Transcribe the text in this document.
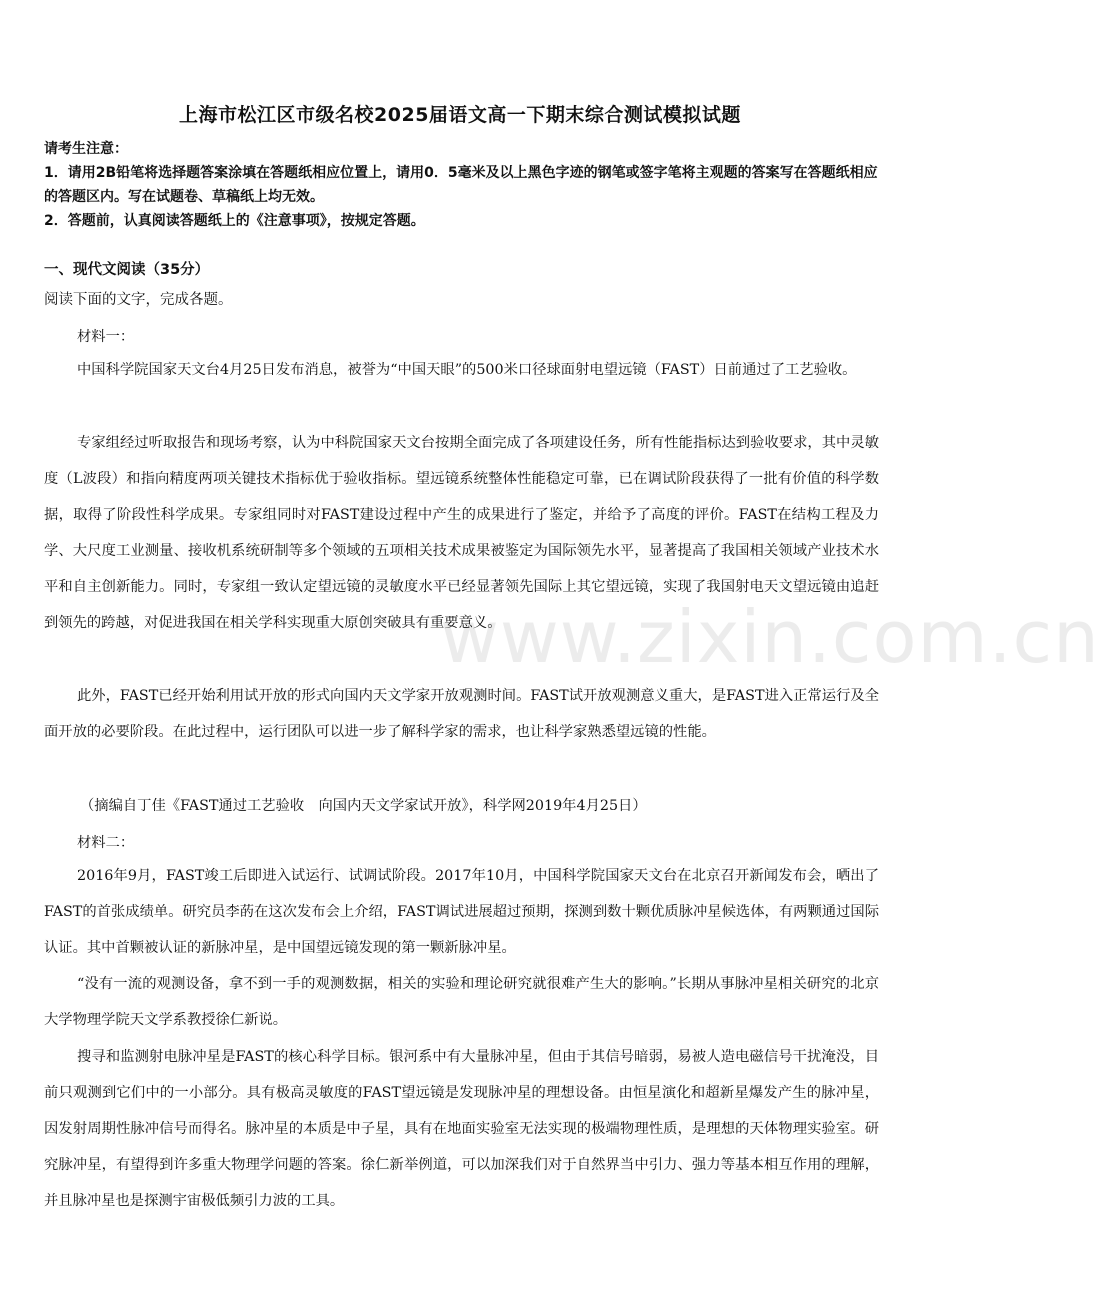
www.zixin.com.cn
上海市松江区市级名校2025届语文高一下期末综合测试模拟试题
请考生注意：
1．请用2B铅笔将选择题答案涂填在答题纸相应位置上，请用0．5毫米及以上黑色字迹的钢笔或签字笔将主观题的答案写在答题纸相应的答题区内。写在试题卷、草稿纸上均无效。
2．答题前，认真阅读答题纸上的《注意事项》，按规定答题。
一、现代文阅读（35分）
阅读下面的文字，完成各题。
材料一：
中国科学院国家天文台4月25日发布消息，被誉为“中国天眼”的500米口径球面射电望远镜（FAST）日前通过了工艺验收。
专家组经过听取报告和现场考察，认为中科院国家天文台按期全面完成了各项建设任务，所有性能指标达到验收要求，其中灵敏度（L波段）和指向精度两项关键技术指标优于验收指标。望远镜系统整体性能稳定可靠，已在调试阶段获得了一批有价值的科学数据，取得了阶段性科学成果。专家组同时对FAST建设过程中产生的成果进行了鉴定，并给予了高度的评价。FAST在结构工程及力学、大尺度工业测量、接收机系统研制等多个领域的五项相关技术成果被鉴定为国际领先水平，显著提高了我国相关领域产业技术水平和自主创新能力。同时，专家组一致认定望远镜的灵敏度水平已经显著领先国际上其它望远镜，实现了我国射电天文望远镜由追赶到领先的跨越，对促进我国在相关学科实现重大原创突破具有重要意义。
此外，FAST已经开始利用试开放的形式向国内天文学家开放观测时间。FAST试开放观测意义重大，是FAST进入正常运行及全面开放的必要阶段。在此过程中，运行团队可以进一步了解科学家的需求，也让科学家熟悉望远镜的性能。
（摘编自丁佳《FAST通过工艺验收　向国内天文学家试开放》，科学网2019年4月25日）
材料二：
2016年9月，FAST竣工后即进入试运行、试调试阶段。2017年10月，中国科学院国家天文台在北京召开新闻发布会，晒出了FAST的首张成绩单。研究员李菂在这次发布会上介绍，FAST调试进展超过预期，探测到数十颗优质脉冲星候选体，有两颗通过国际认证。其中首颗被认证的新脉冲星，是中国望远镜发现的第一颗新脉冲星。
“没有一流的观测设备，拿不到一手的观测数据，相关的实验和理论研究就很难产生大的影响。”长期从事脉冲星相关研究的北京大学物理学院天文学系教授徐仁新说。
搜寻和监测射电脉冲星是FAST的核心科学目标。银河系中有大量脉冲星，但由于其信号暗弱，易被人造电磁信号干扰淹没，目前只观测到它们中的一小部分。具有极高灵敏度的FAST望远镜是发现脉冲星的理想设备。由恒星演化和超新星爆发产生的脉冲星，因发射周期性脉冲信号而得名。脉冲星的本质是中子星，具有在地面实验室无法实现的极端物理性质，是理想的天体物理实验室。研究脉冲星，有望得到许多重大物理学问题的答案。徐仁新举例道，可以加深我们对于自然界当中引力、强力等基本相互作用的理解，并且脉冲星也是探测宇宙极低频引力波的工具。
